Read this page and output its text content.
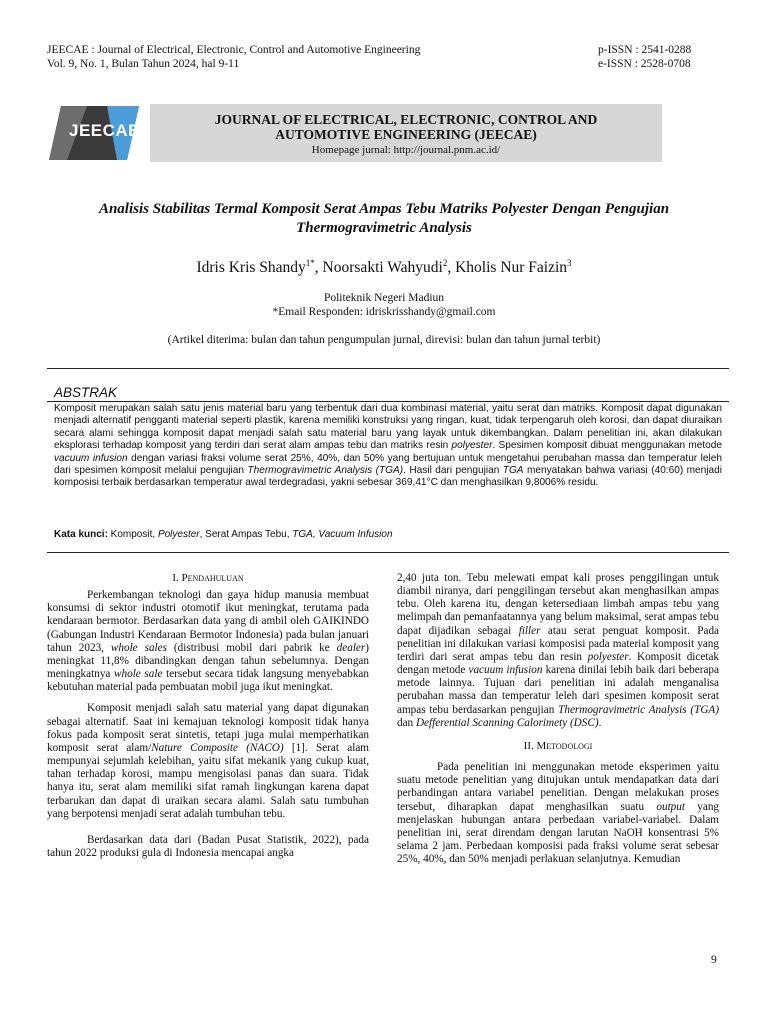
JEECAE : Journal of Electrical, Electronic, Control and Automotive Engineering
Vol. 9, No. 1, Bulan Tahun 2024, hal 9-11
p-ISSN : 2541-0288
e-ISSN : 2528-0708
JEECAE
JOURNAL OF ELECTRICAL, ELECTRONIC, CONTROL AND AUTOMOTIVE ENGINEERING (JEECAE)
Homepage jurnal: http://journal.pnm.ac.id/
Analisis Stabilitas Termal Komposit Serat Ampas Tebu Matriks Polyester Dengan Pengujian Thermogravimetric Analysis
Idris Kris Shandy$^{1*}$, Noorsakti Wahyudi$^2$, Kholis Nur Faizin$^3$
Politeknik Negeri Madiun
*Email Responden: idriskrisshandy@gmail.com
(Artikel diterima: bulan dan tahun pengumpulan jurnal, direvisi: bulan dan tahun jurnal terbit)
ABSTRAK
Komposit merupakan salah satu jenis material baru yang terbentuk dari dua kombinasi material, yaitu serat dan matriks. Komposit dapat digunakan menjadi alternatif pengganti material seperti plastik, karena memiliki konstruksi yang ringan, kuat, tidak terpengaruh oleh korosi, dan dapat diuraikan secara alami sehingga komposit dapat menjadi salah satu material baru yang layak untuk dikembangkan. Dalam penelitian ini, akan dilakukan eksplorasi terhadap komposit yang terdiri dari serat alam ampas tebu dan matriks resin polyester. Spesimen komposit dibuat menggunakan metode vacuum infusion dengan variasi fraksi volume serat 25%, 40%, dan 50% yang bertujuan untuk mengetahui perubahan massa dan temperatur leleh dari spesimen komposit melalui pengujian Thermogravimetric Analysis (TGA). Hasil dari pengujian TGA menyatakan bahwa variasi (40:60) menjadi komposisi terbaik berdasarkan temperatur awal terdegradasi, yakni sebesar 369,41°C dan menghasilkan 9,8006% residu.
Kata kunci: Komposit, Polyester, Serat Ampas Tebu, TGA, Vacuum Infusion
I. Pendahuluan

Perkembangan teknologi dan gaya hidup manusia membuat konsumsi di sektor industri otomotif ikut meningkat, terutama pada kendaraan bermotor. Berdasarkan data yang di ambil oleh GAIKINDO (Gabungan Industri Kendaraan Bermotor Indonesia) pada bulan januari tahun 2023, whole sales (distribusi mobil dari pabrik ke dealer) meningkat 11,8% dibandingkan dengan tahun sebelumnya. Dengan meningkatnya whole sale tersebut secara tidak langsung menyebabkan kebutuhan material pada pembuatan mobil juga ikut meningkat.

Komposit menjadi salah satu material yang dapat digunakan sebagai alternatif. Saat ini kemajuan teknologi komposit tidak hanya fokus pada komposit serat sintetis, tetapi juga mulai memperhatikan komposit serat alam/Nature Composite (NACO) [1]. Serat alam mempunyai sejumlah kelebihan, yaitu sifat mekanik yang cukup kuat, tahan terhadap korosi, mampu mengisolasi panas dan suara. Tidak hanya itu, serat alam memiliki sifat ramah lingkungan karena dapat terbarukan dan dapat di uraikan secara alami. Salah satu tumbuhan yang berpotensi menjadi serat adalah tumbuhan tebu.

Berdasarkan data dari (Badan Pusat Statistik, 2022), pada tahun 2022 produksi gula di Indonesia mencapai angka

2,40 juta ton. Tebu melewati empat kali proses penggilingan untuk diambil niranya, dari penggilingan tersebut akan menghasilkan ampas tebu. Oleh karena itu, dengan ketersediaan limbah ampas tebu yang melimpah dan pemanfaatannya yang belum maksimal, serat ampas tebu dapat dijadikan sebagai filler atau serat penguat komposit. Pada penelitian ini dilakukan variasi komposisi pada material komposit yang terdiri dari serat ampas tebu dan resin polyester. Komposit dicetak dengan metode vacuum infusion karena dinilai lebih baik dari beberapa metode lainnya. Tujuan dari penelitian ini adalah menganalisa perubahan massa dan temperatur leleh dari spesimen komposit serat ampas tebu berdasarkan pengujian Thermogravimetric Analysis (TGA) dan Defferential Scanning Calorimety (DSC).

II. Metodologi

Pada penelitian ini menggunakan metode eksperimen yaitu suatu metode penelitian yang ditujukan untuk mendapatkan data dari perbandingan antara variabel penelitian. Dengan melakukan proses tersebut, diharapkan dapat menghasilkan suatu output yang menjelaskan hubungan antara perbedaan variabel-variabel. Dalam penelitian ini, serat direndam dengan larutan NaOH konsentrasi 5% selama 2 jam. Perbedaan komposisi pada fraksi volume serat sebesar 25%, 40%, dan 50% menjadi perlakuan selanjutnya. Kemudian

9
